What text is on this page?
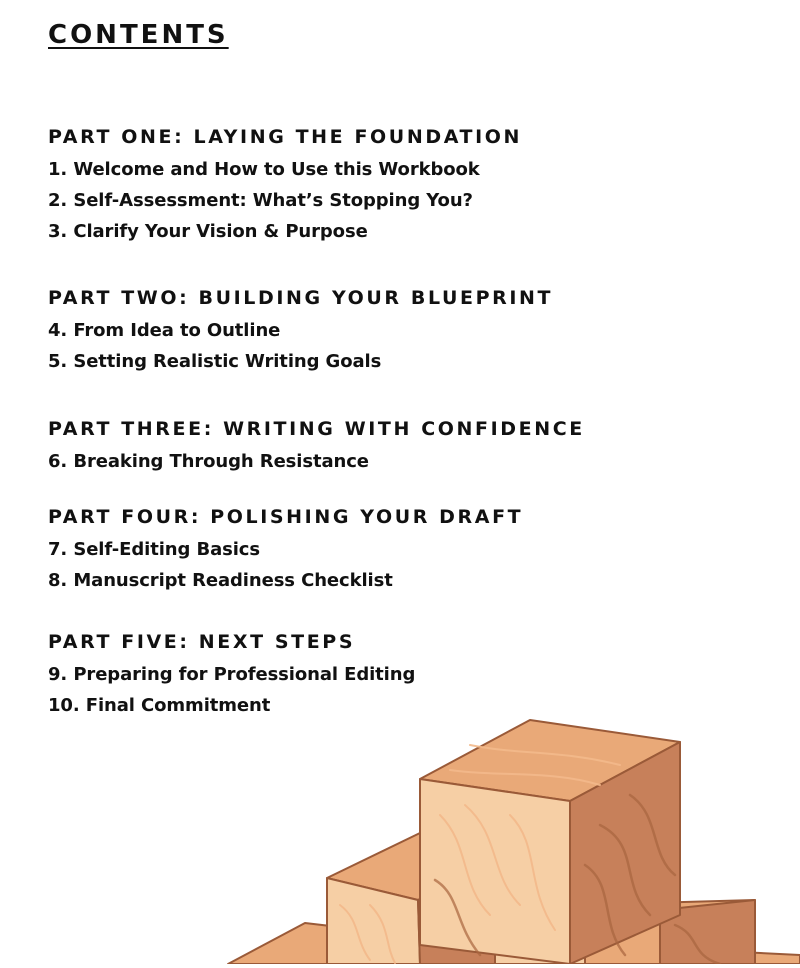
CONTENTS
PART ONE: LAYING THE FOUNDATION

1. Welcome and How to Use this Workbook

2. Self-Assessment: What’s Stopping You?

3. Clarify Your Vision & Purpose

PART TWO: BUILDING YOUR BLUEPRINT

4. From Idea to Outline

5. Setting Realistic Writing Goals

PART THREE: WRITING WITH CONFIDENCE

6. Breaking Through Resistance

PART FOUR: POLISHING YOUR DRAFT

7. Self-Editing Basics

8. Manuscript Readiness Checklist

PART FIVE: NEXT STEPS

9. Preparing for Professional Editing

10. Final Commitment
